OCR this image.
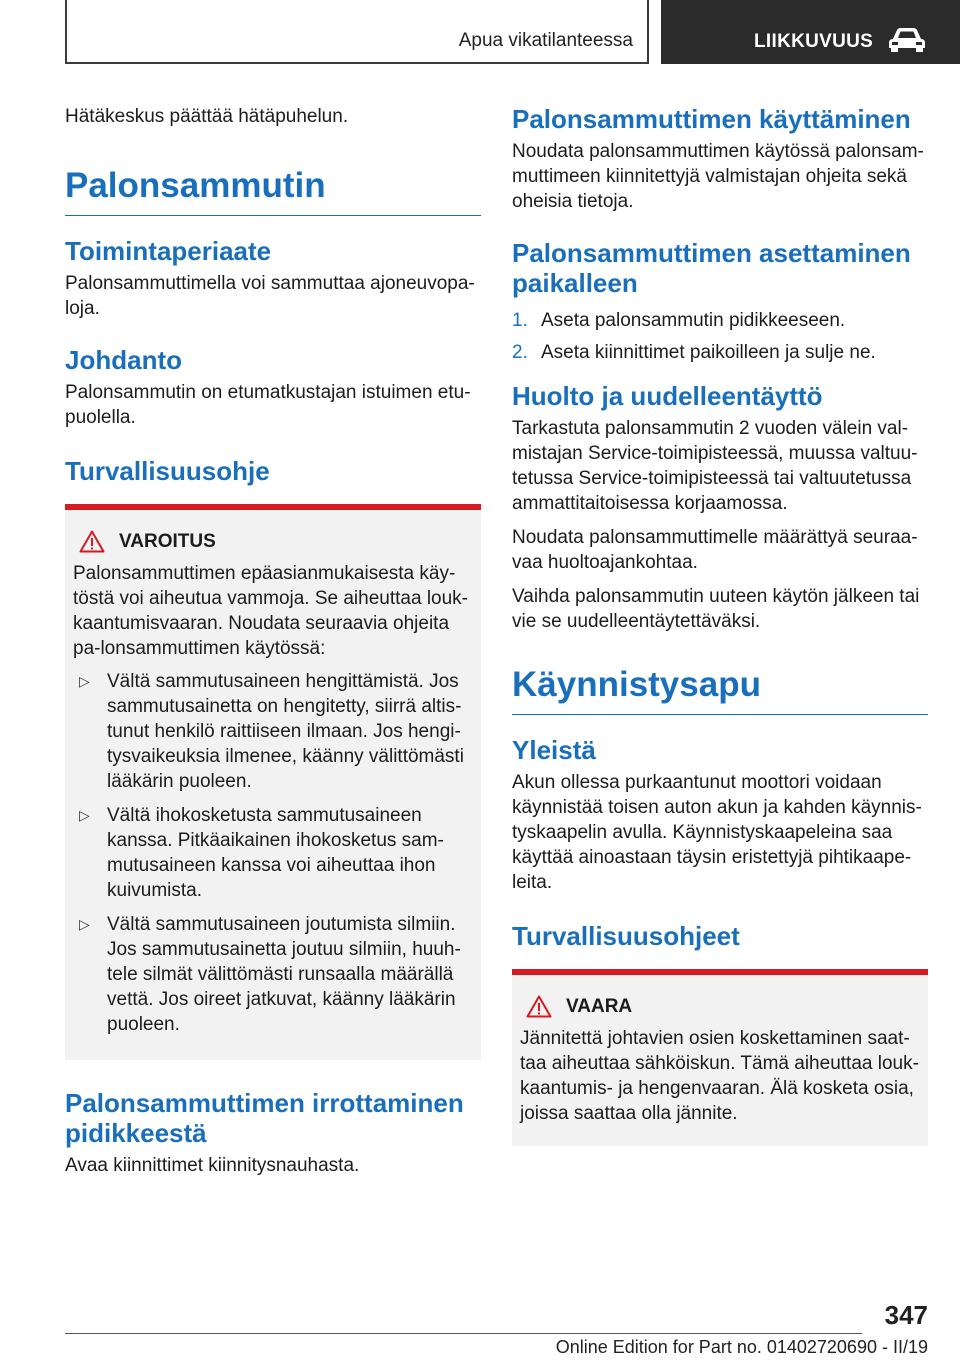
Apua vikatilanteessa	LIIKKUVUUS

Hätäkeskus päättää hätäpuhelun.

Palonsammutin
Toimintaperiaate

Palonsammuttimella voi sammuttaa ajoneuvopa-loja.

Johdanto

Palonsammutin on etumatkustajan istuimen etu-puolella.

Turvallisuusohje
VAROITUS

Palonsammuttimen epäasianmukaisesta käy-töstä voi aiheutua vammoja. Se aiheuttaa louk-kaantumisvaaran. Noudata seuraavia ohjeita pa-lonsammuttimen käytössä:

▷ Vältä sammutusaineen hengittämistä. Jos sammutusainetta on hengitetty, siirrä altis-tunut henkilö raittiiseen ilmaan. Jos hengi-tysvaikeuksia ilmenee, käänny välittömästi lääkärin puoleen.
▷ Vältä ihokosketusta sammutusaineen kanssa. Pitkäaikainen ihokosketus sam-mutusaineen kanssa voi aiheuttaa ihon kuivumista.
▷ Vältä sammutusaineen joutumista silmiin. Jos sammutusainetta joutuu silmiin, huuh-tele silmät välittömästi runsaalla määrällä vettä. Jos oireet jatkuvat, käänny lääkärin puoleen.
Palonsammuttimen irrottaminen pidikkeestä

Avaa kiinnittimet kiinnitysnauhasta.

Palonsammuttimen käyttäminen

Noudata palonsammuttimen käytössä palonsam-muttimeen kiinnitettyjä valmistajan ohjeita sekä oheisia tietoja.

Palonsammuttimen asettaminen paikalleen
1. Aseta palonsammutin pidikkeeseen.
2. Aseta kiinnittimet paikoilleen ja sulje ne.
Huolto ja uudelleentäyttö

Tarkastuta palonsammutin 2 vuoden välein val-mistajan Service-toimipisteessä, muussa valtuu-tetussa Service-toimipisteessä tai valtuutetussa ammattitaitoisessa korjaamossa.

Noudata palonsammuttimelle määrättyä seuraa-vaa huoltoajankohtaa.

Vaihda palonsammutin uuteen käytön jälkeen tai vie se uudelleentäytettäväksi.

Käynnistysapu
Yleistä

Akun ollessa purkaantunut moottori voidaan käynnistää toisen auton akun ja kahden käynnis-tyskaapelin avulla. Käynnistyskaapeleina saa käyttää ainoastaan täysin eristettyjä pihtikaape-leita.

Turvallisuusohjeet
VAARA

Jännitettä johtavien osien koskettaminen saat-taa aiheuttaa sähköiskun. Tämä aiheuttaa louk-kaantumis- ja hengenvaaran. Älä kosketa osia, joissa saattaa olla jännite.

347
Online Edition for Part no. 01402720690 - II/19
